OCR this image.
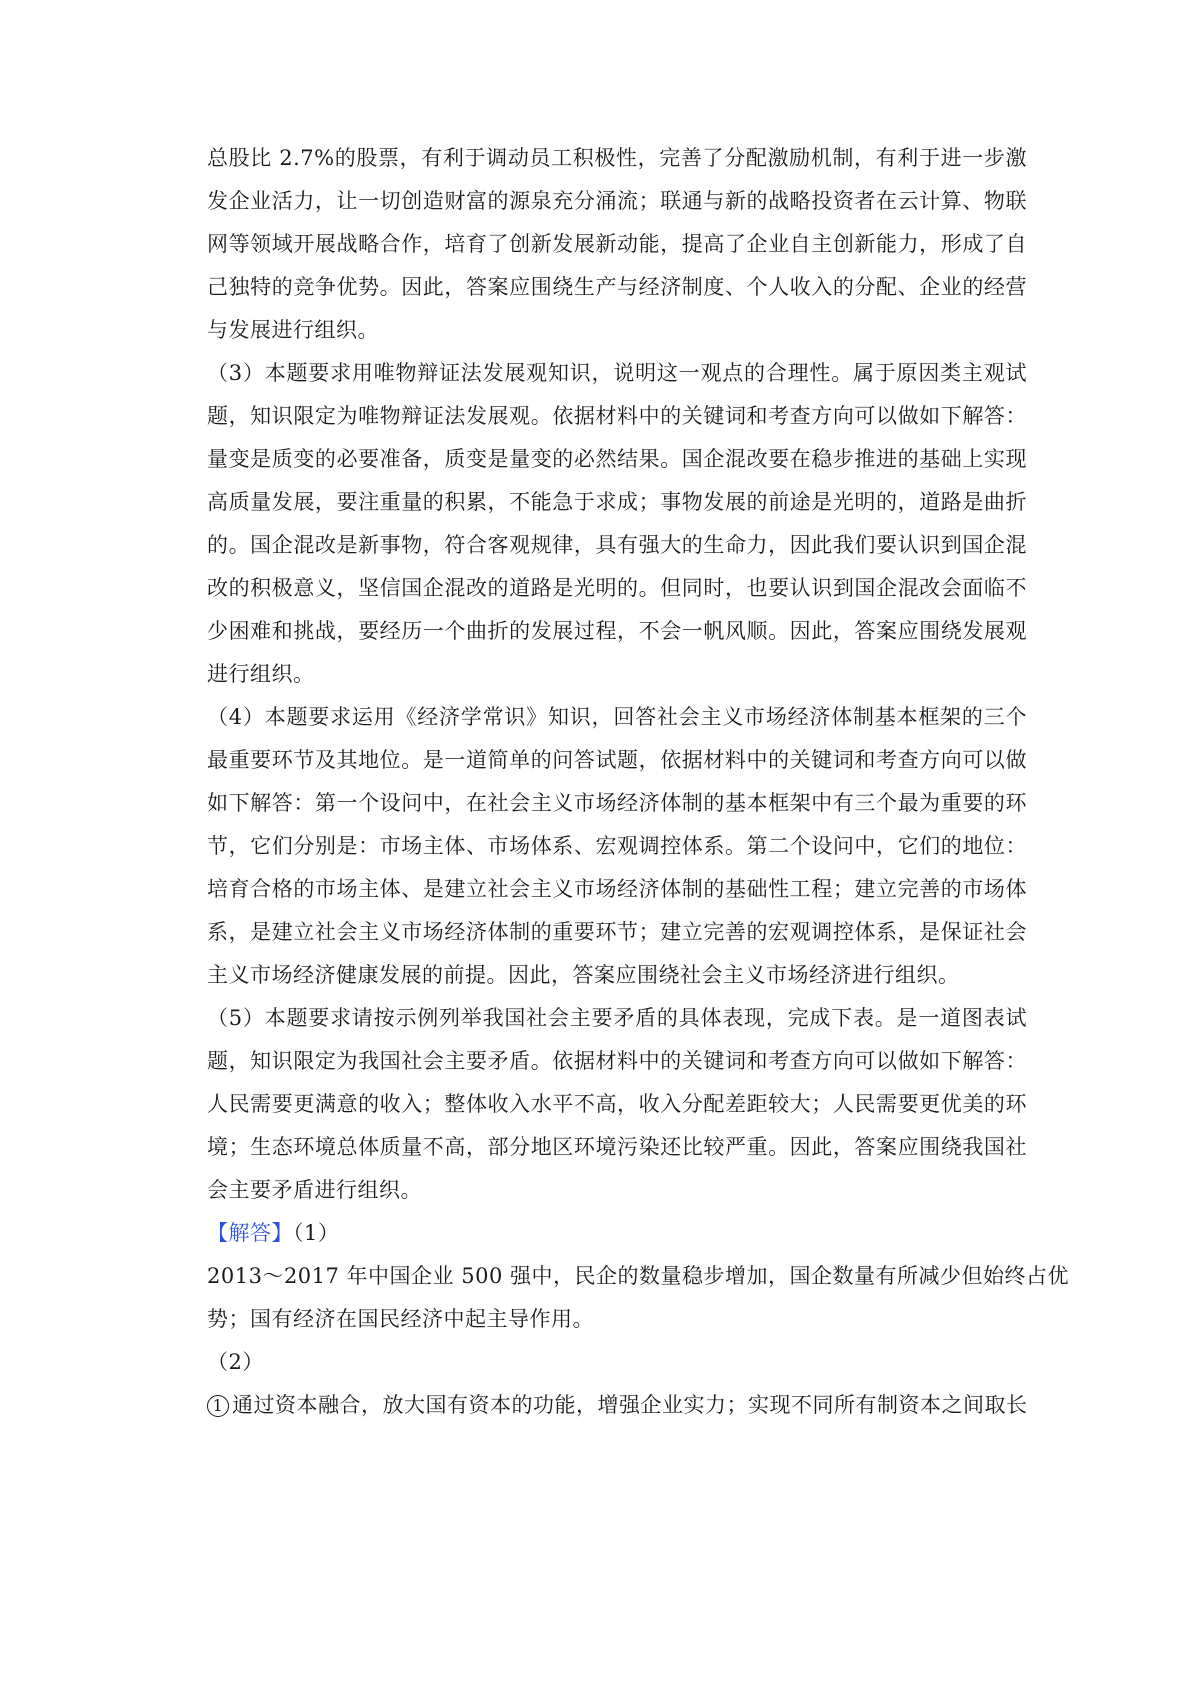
总股比 2.7%的股票，有利于调动员工积极性，完善了分配激励机制，有利于进一步激
发企业活力，让一切创造财富的源泉充分涌流；联通与新的战略投资者在云计算、物联
网等领域开展战略合作，培育了创新发展新动能，提高了企业自主创新能力，形成了自
己独特的竞争优势。因此，答案应围绕生产与经济制度、个人收入的分配、企业的经营
与发展进行组织。
（3）本题要求用唯物辩证法发展观知识，说明这一观点的合理性。属于原因类主观试
题，知识限定为唯物辩证法发展观。依据材料中的关键词和考查方向可以做如下解答：
量变是质变的必要准备，质变是量变的必然结果。国企混改要在稳步推进的基础上实现
高质量发展，要注重量的积累，不能急于求成；事物发展的前途是光明的，道路是曲折
的。国企混改是新事物，符合客观规律，具有强大的生命力，因此我们要认识到国企混
改的积极意义，坚信国企混改的道路是光明的。但同时，也要认识到国企混改会面临不
少困难和挑战，要经历一个曲折的发展过程，不会一帆风顺。因此，答案应围绕发展观
进行组织。
（4）本题要求运用《经济学常识》知识，回答社会主义市场经济体制基本框架的三个
最重要环节及其地位。是一道简单的问答试题，依据材料中的关键词和考查方向可以做
如下解答：第一个设问中，在社会主义市场经济体制的基本框架中有三个最为重要的环
节，它们分别是：市场主体、市场体系、宏观调控体系。第二个设问中，它们的地位：
培育合格的市场主体、是建立社会主义市场经济体制的基础性工程；建立完善的市场体
系，是建立社会主义市场经济体制的重要环节；建立完善的宏观调控体系，是保证社会
主义市场经济健康发展的前提。因此，答案应围绕社会主义市场经济进行组织。
（5）本题要求请按示例列举我国社会主要矛盾的具体表现，完成下表。是一道图表试
题，知识限定为我国社会主要矛盾。依据材料中的关键词和考查方向可以做如下解答：
人民需要更满意的收入；整体收入水平不高，收入分配差距较大；人民需要更优美的环
境；生态环境总体质量不高，部分地区环境污染还比较严重。因此，答案应围绕我国社
会主要矛盾进行组织。
【解答】（1）
2013～2017 年中国企业 500 强中，民企的数量稳步增加，国企数量有所减少但始终占优
势；国有经济在国民经济中起主导作用。
（2）
1 通过资本融合，放大国有资本的功能，增强企业实力；实现不同所有制资本之间取长
